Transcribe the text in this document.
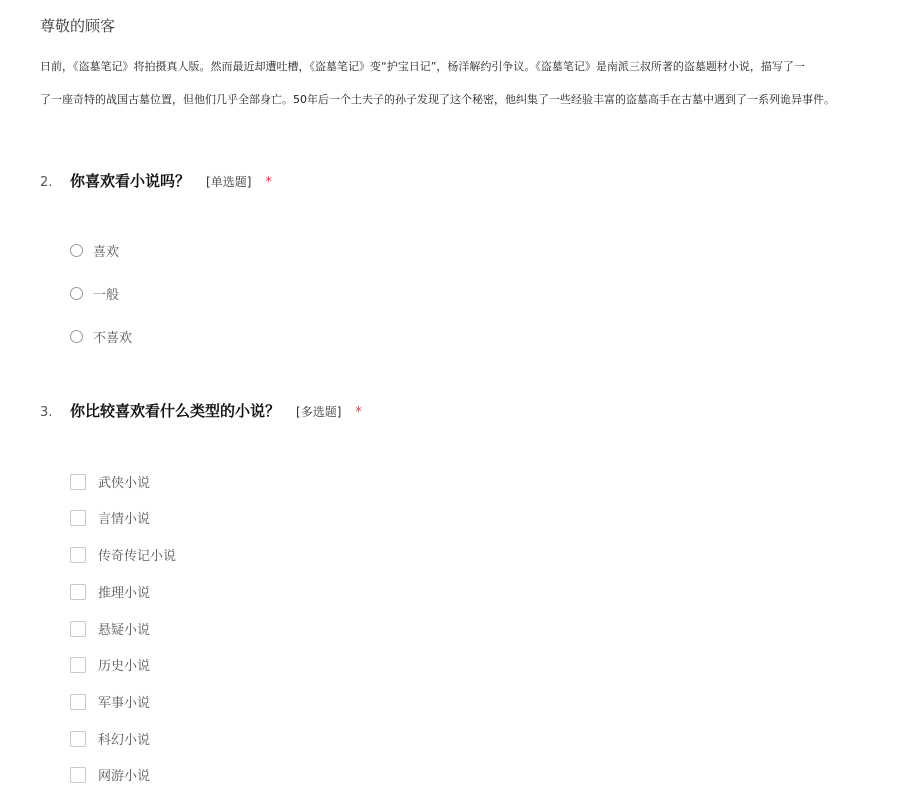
尊敬的顾客
日前，《盗墓笔记》将拍摄真人版。然而最近却遭吐槽，《盗墓笔记》变“护宝日记”，杨洋解约引争议。《盗墓笔记》是南派三叔所著的盗墓题材小说，描写了一
了一座奇特的战国古墓位置，但他们几乎全部身亡。50年后一个土夫子的孙子发现了这个秘密，他纠集了一些经验丰富的盗墓高手在古墓中遇到了一系列诡异事件。
2.	你喜欢看小说吗？ [单选题] *
喜欢
一般
不喜欢
3.	你比较喜欢看什么类型的小说？ [多选题] *
武侠小说
言情小说
传奇传记小说
推理小说
悬疑小说
历史小说
军事小说
科幻小说
网游小说
